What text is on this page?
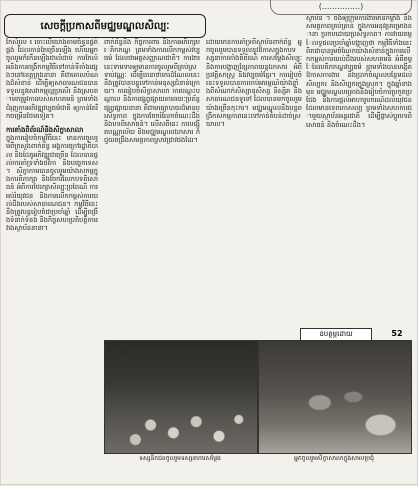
(...............)
សេចក្តីប្រកាសពីមជ្ឈមណ្ឌលសិល្បៈ
កែសំរួល ៖ ចោះបើយោងតាមចំនួនផ្គត់ផ្គង់ ដែលកាន់តែច្រើនឡើង ហើយអ្នកចូលរួមក៏កើនឡើងជាលំដាប់ ការកែលំអនិងការពង្រីកកម្មវិធីទៅកាន់ទីតាំងផ្សេងៗនៅខេត្តក្រុងនានា គឺជាគោលបំណងដ៏សំខាន់ ដើម្បីឲ្យសាធារណជនបានទទួលនូវសេវាកម្មល្អប្រសើរ និងស្របតាមតម្រូវការរបស់សហគមន៍ ព្រមទាំងជំរុញការអភិវឌ្ឍវប្បធម៌ជាតិ ឲ្យកាន់តែរីកចម្រើនថែមទៀត។
ការតាំងពិព័រណ៍និងសិក្ខាសាលា
ក្នុងការរៀបចំកម្មវិធីនេះ មានការចូលរួមពីក្រសួងពាក់ព័ន្ធ អង្គការក្រៅរដ្ឋាភិបាល និងដៃគូអភិវឌ្ឍជាច្រើន ដែលបានផ្តល់ការគាំទ្រទាំងថវិកា និងបច្ចេកទេស។ សិក្ខាកាមបានចូលរួមយ៉ាងសកម្មក្នុងការពិភាក្សា និងចែករំលែកបទពិសោធន៍ អំពីការថែរក្សាសិល្បៈប្រពៃណី ការអប់រំយុវជន និងការលើកកម្ពស់ការយល់ដឹងរបស់សាធារណជន។ កម្មវិធីនេះនឹងត្រូវបន្តរៀបចំជាប្រចាំឆ្នាំ ដើម្បីពង្រឹងទំនាក់ទំនង និងកិច្ចសហប្រតិបត្តិការរវាងស្ថាប័ននានា។
ពាក់ព័ន្ធនឹង កិច្ចការពារ និងការអភិរក្សបេតិកភណ្ឌ ព្រមទាំងការលើកកម្ពស់វប្បធម៌ ដែលជាអត្តសញ្ញាណជាតិ។ ការងារនេះទាមទារឲ្យមានការចូលរួមពីគ្រប់ស្រទាប់វណ្ណៈ ដើម្បីធានាថាកេរដំណែលនេះនឹងត្រូវបានបន្តទៅកាន់មនុស្សជំនាន់ក្រោយ។ ការរៀបចំសិក្ខាសាលា ការបណ្តុះបណ្តាល និងការផ្សព្វផ្សាយតាមរយៈប្រព័ន្ធផ្សព្វផ្សាយនានា គឺជាមធ្យោបាយដ៏មានប្រសិទ្ធភាព ក្នុងការចែករំលែកចំណេះដឹង និងបទពិសោធន៍។ លើសពីនេះ ការបង្កើតបណ្ណាល័យ និងមជ្ឈមណ្ឌលឯកសារ ក៏ជួយពង្រឹងសមត្ថភាពស្រាវជ្រាវផងដែរ។
ដោយមានការគាំទ្រពីស្ថាប័នពាក់ព័ន្ធ អ្នកចូលរួមបានទទួលនូវឱកាសក្នុងការទស្សនាការតាំងពិព័រណ៍ ការសម្តែងសិល្បៈ និងការបង្ហាញខ្សែភាពយន្តឯកសារ អំពីប្រវត្តិសាស្ត្រ និងវប្បធម៌ខ្មែរ។ ការរៀបចំនេះទទួលបានការចាប់អារម្មណ៍យ៉ាងខ្លាំងពីសំណាក់សិស្សានុសិស្ស និស្សិត និងសាធារណជនទូទៅ ដែលបានមកចូលរួមយ៉ាងច្រើនកុះករ។ មជ្ឈមណ្ឌលនឹងបន្តពង្រីកសកម្មភាពនេះទៅកាន់តំបន់ដាច់ស្រយាល។
ស្ថាប័ន ។ ចង់ឲ្យក្រុមការងារមានកម្លាំង និងសមត្ថភាពគ្រប់គ្រាន់ ក្នុងការអនុវត្តគម្រោងនានា ប្រកបដោយប្រសិទ្ធភាព។ ការវាយតម្លៃលទ្ធផលប្រចាំឆ្នាំបង្ហាញថា កម្មវិធីទាំងនេះពិតជាបានរួមចំណែកយ៉ាងសំខាន់ក្នុងការលើកកម្ពស់ការយល់ដឹងរបស់សហគមន៍ អំពីតម្លៃនៃបេតិកភណ្ឌវប្បធម៌ ព្រមទាំងបានបង្កើតឱកាសការងារ និងប្រាក់ចំណូលបន្ថែមដល់សិល្បករ និងសិប្បករក្នុងស្រុក។ ក្នុងឆ្នាំខាងមុខ មជ្ឈមណ្ឌលគ្រោងនឹងរៀបចំការប្រកួតប្រជែង និងការផ្តល់អាហារូបករណ៍ដល់យុវជនដែលមានទេពកោសល្យ ព្រមទាំងសហការជាមួយស្ថាប័នអន្តរជាតិ ដើម្បីផ្លាស់ប្តូរបទពិសោធន៍ និងចំណេះដឹង។
ឧបត្ថម្ភដោយ	52
ទស្សនិកជនចូលរួមទស្សនាការសម្តែង	អ្នកចូលរួមសិក្ខាសាលាក្នុងសាលប្រជុំ
